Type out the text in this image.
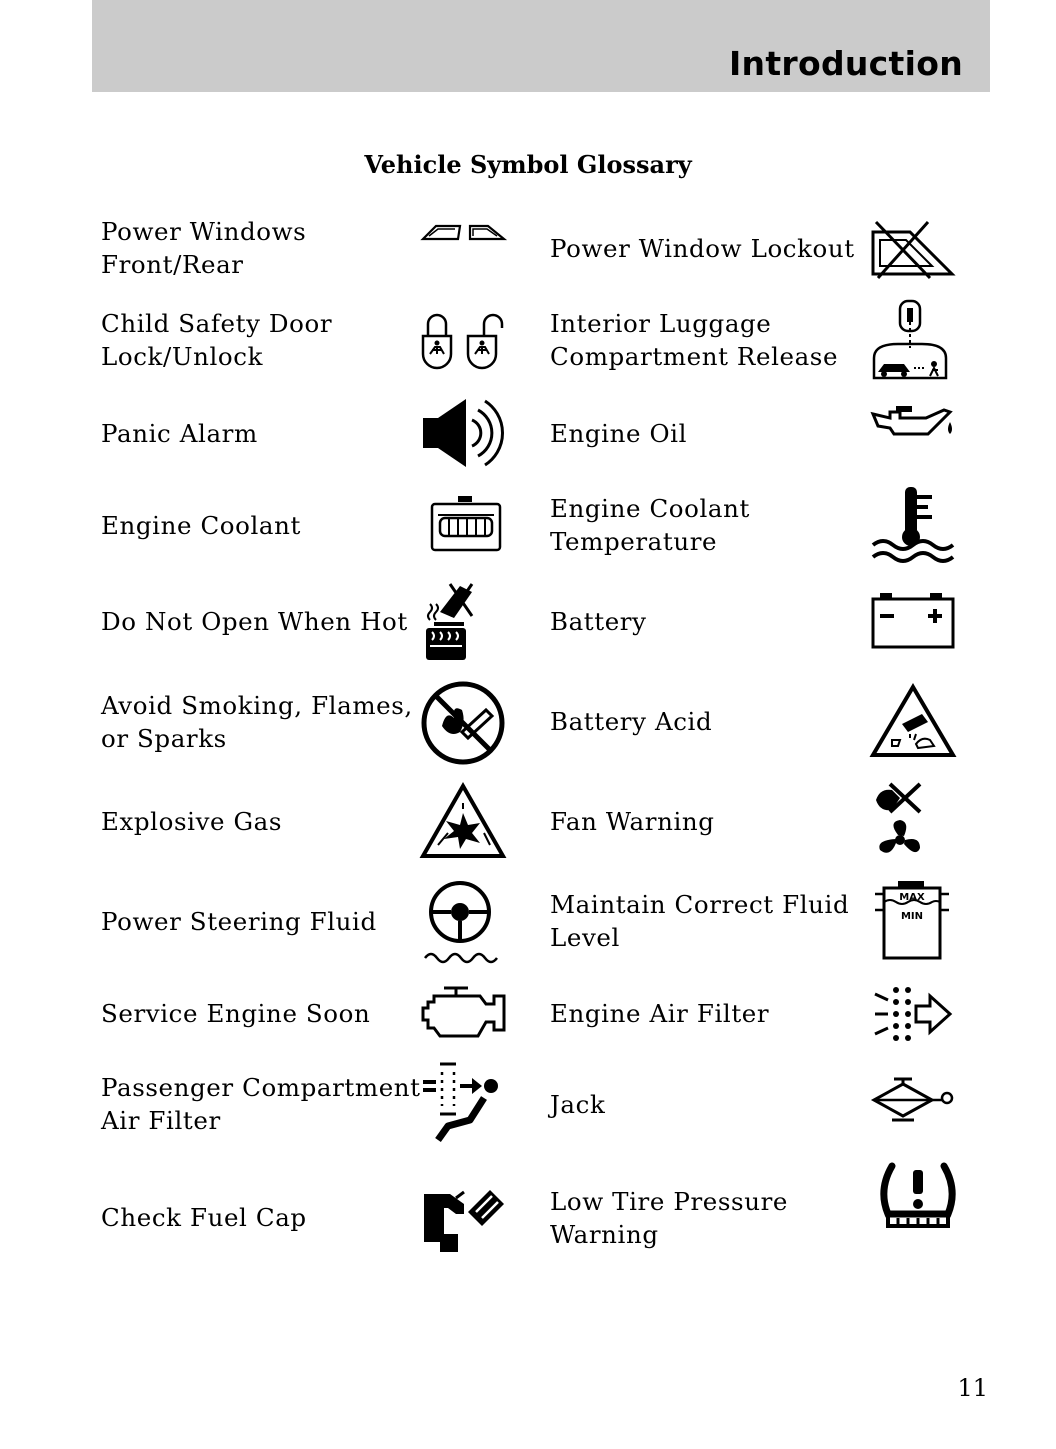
Introduction
Vehicle Symbol Glossary
Power Windows
Front/Rear
Child Safety Door
Lock/Unlock
Panic Alarm
Engine Coolant
Do Not Open When Hot
Avoid Smoking, Flames,
or Sparks
Explosive Gas
Power Steering Fluid
Service Engine Soon
Passenger Compartment
Air Filter
Check Fuel Cap
Power Window Lockout
Interior Luggage
Compartment Release
Engine Oil
Engine Coolant
Temperature
Battery
Battery Acid
Fan Warning
Maintain Correct Fluid
Level
Engine Air Filter
Jack
Low Tire Pressure
Warning
MAX
MIN
11
